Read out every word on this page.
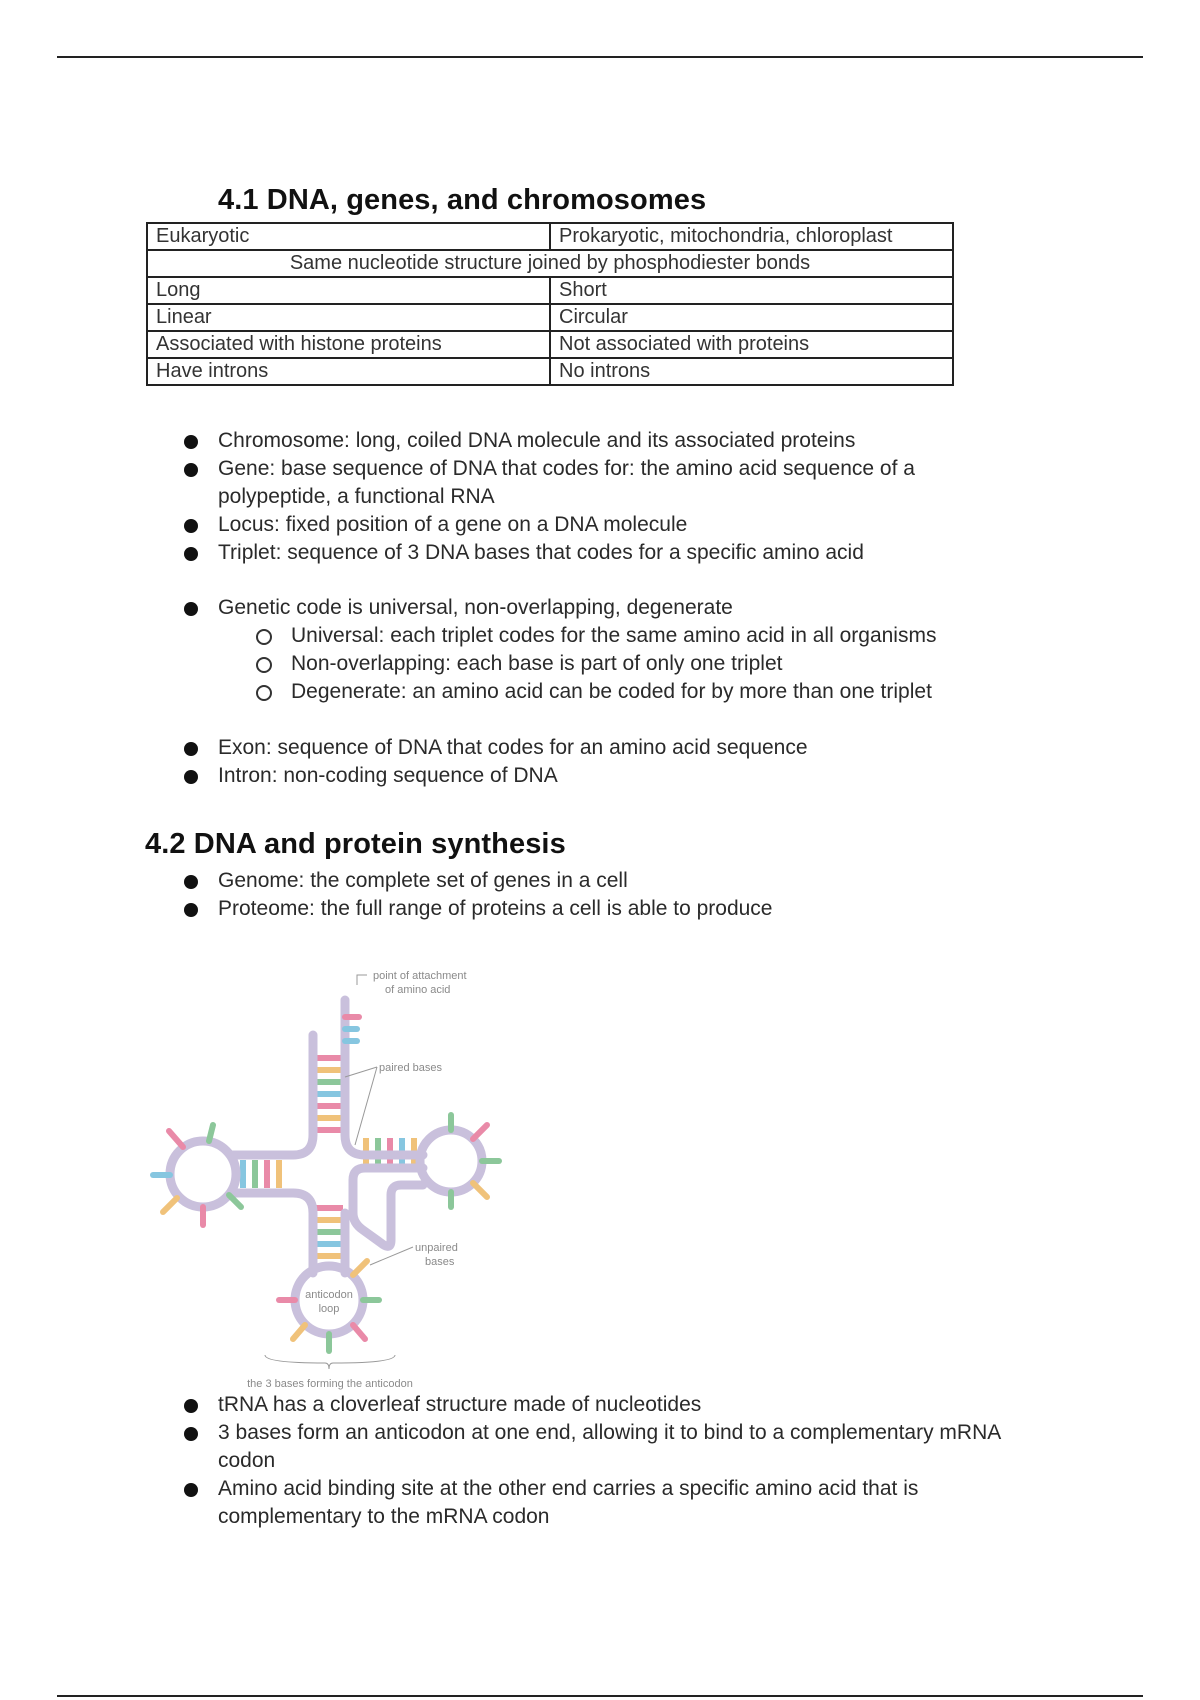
4.1 DNA, genes, and chromosomes
Eukaryotic	Prokaryotic, mitochondria, chloroplast
Same nucleotide structure joined by phosphodiester bonds	
Long	Short
Linear	Circular
Associated with histone proteins	Not associated with proteins
Have introns	No introns
Chromosome: long, coiled DNA molecule and its associated proteins
Gene: base sequence of DNA that codes for: the amino acid sequence of a polypeptide, a functional RNA
Locus: fixed position of a gene on a DNA molecule
Triplet: sequence of 3 DNA bases that codes for a specific amino acid
Genetic code is universal, non-overlapping, degenerate
Universal: each triplet codes for the same amino acid in all organisms
Non-overlapping: each base is part of only one triplet
Degenerate: an amino acid can be coded for by more than one triplet
Exon: sequence of DNA that codes for an amino acid sequence
Intron: non-coding sequence of DNA
4.2 DNA and protein synthesis
Genome: the complete set of genes in a cell
Proteome: the full range of proteins a cell is able to produce
point of attachment
of amino acid
paired bases
unpaired
bases
anticodon
loop
the 3 bases forming the anticodon
tRNA has a cloverleaf structure made of nucleotides
3 bases form an anticodon at one end, allowing it to bind to a complementary mRNA codon
Amino acid binding site at the other end carries a specific amino acid that is complementary to the mRNA codon
